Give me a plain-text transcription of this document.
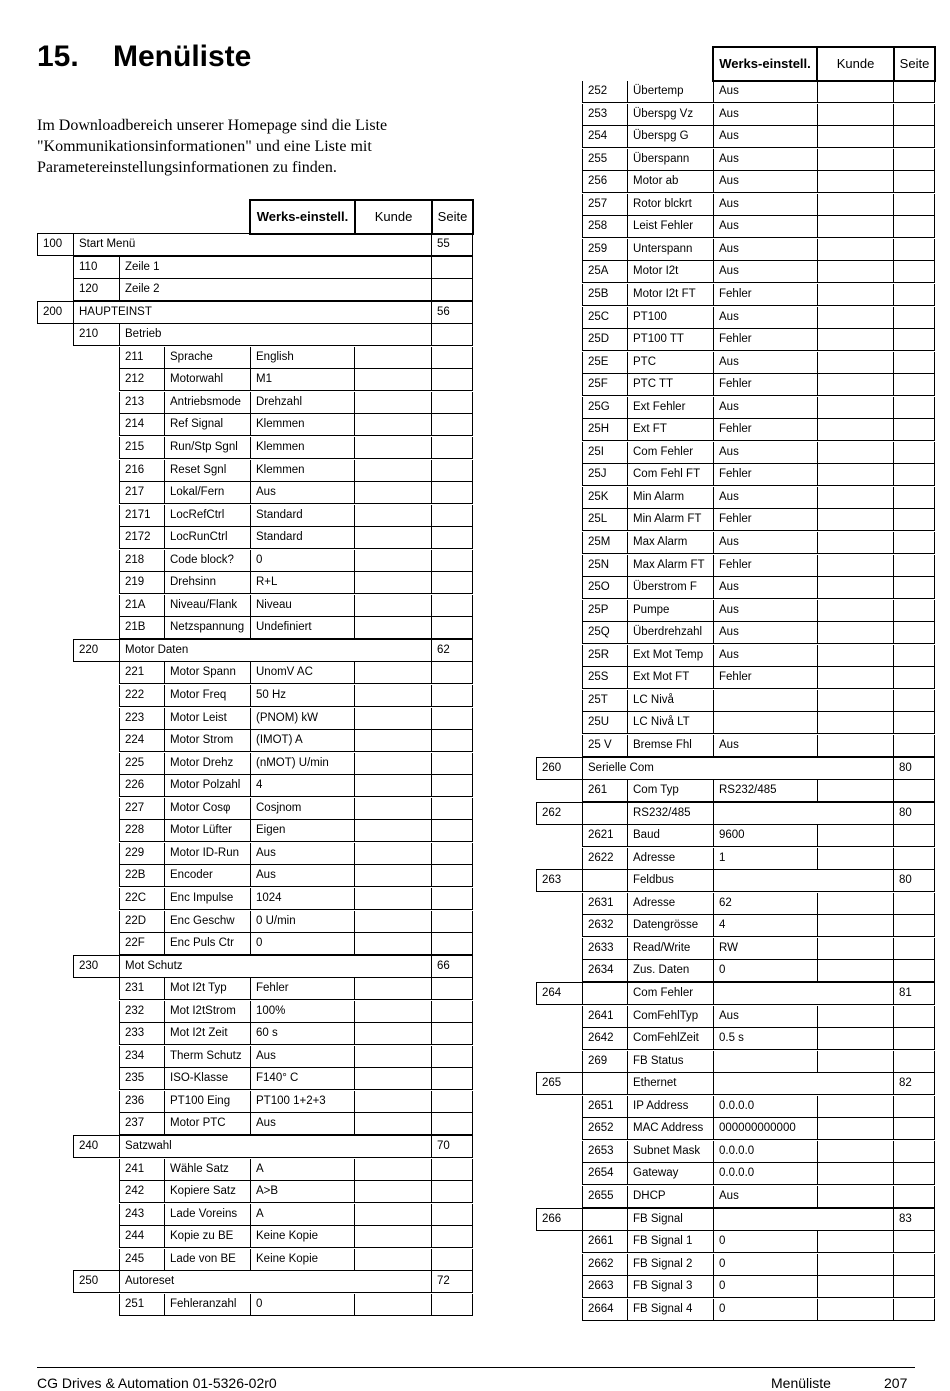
15. Menüliste
Im Downloadbereich unserer Homepage sind die Liste "Kommunikationsinformationen" und eine Liste mit Parametereinstellungsinformationen zu finden.
Werks-einstell.	Kunde	Seite
100	Start Menü	55
110	Zeile 1
120	Zeile 2
200	HAUPTEINST	56
210	Betrieb
211	Sprache	English
212	Motorwahl	M1
213	Antriebsmode	Drehzahl
214	Ref Signal	Klemmen
215	Run/Stp Sgnl	Klemmen
216	Reset Sgnl	Klemmen
217	Lokal/Fern	Aus
2171	LocRefCtrl	Standard
2172	LocRunCtrl	Standard
218	Code block?	0
219	Drehsinn	R+L
21A	Niveau/Flank	Niveau
21B	Netzspannung	Undefiniert
220	Motor Daten	62
221	Motor Spann	UnomV AC
222	Motor Freq	50 Hz
223	Motor Leist	(PNOM) kW
224	Motor Strom	(IMOT) A
225	Motor Drehz	(nMOT) U/min
226	Motor Polzahl	4
227	Motor Cosφ	Cosjnom
228	Motor Lüfter	Eigen
229	Motor ID-Run	Aus
22B	Encoder	Aus
22C	Enc Impulse	1024
22D	Enc Geschw	0 U/min
22F	Enc Puls Ctr	0
230	Mot Schutz	66
231	Mot I2t Typ	Fehler
232	Mot I2tStrom	100%
233	Mot I2t Zeit	60 s
234	Therm Schutz	Aus
235	ISO-Klasse	F140° C
236	PT100 Eing	PT100 1+2+3
237	Motor PTC	Aus
240	Satzwahl	70
241	Wähle Satz	A
242	Kopiere Satz	A>B
243	Lade Voreins	A
244	Kopie zu BE	Keine Kopie
245	Lade von BE	Keine Kopie
250	Autoreset	72
251	Fehleranzahl	0
Werks-einstell.	Kunde	Seite
252	Übertemp	Aus
253	Überspg Vz	Aus
254	Überspg G	Aus
255	Überspann	Aus
256	Motor ab	Aus
257	Rotor blckrt	Aus
258	Leist Fehler	Aus
259	Unterspann	Aus
25A	Motor I2t	Aus
25B	Motor I2t FT	Fehler
25C	PT100	Aus
25D	PT100 TT	Fehler
25E	PTC	Aus
25F	PTC TT	Fehler
25G	Ext Fehler	Aus
25H	Ext FT	Fehler
25I	Com Fehler	Aus
25J	Com Fehl FT	Fehler
25K	Min Alarm	Aus
25L	Min Alarm FT	Fehler
25M	Max Alarm	Aus
25N	Max Alarm FT	Fehler
25O	Überstrom F	Aus
25P	Pumpe	Aus
25Q	Überdrehzahl	Aus
25R	Ext Mot Temp	Aus
25S	Ext Mot FT	Fehler
25T	LC Nivå
25U	LC Nivå LT
25 V	Bremse Fhl	Aus
260	Serielle Com	80
261	Com Typ	RS232/485
262	RS232/485	80
2621	Baud	9600
2622	Adresse	1
263	Feldbus	80
2631	Adresse	62
2632	Datengrösse	4
2633	Read/Write	RW
2634	Zus. Daten	0
264	Com Fehler	81
2641	ComFehlTyp	Aus
2642	ComFehlZeit	0.5 s
269	FB Status
265	Ethernet	82
2651	IP Address	0.0.0.0
2652	MAC Address	000000000000
2653	Subnet Mask	0.0.0.0
2654	Gateway	0.0.0.0
2655	DHCP	Aus
266	FB Signal	83
2661	FB Signal 1	0
2662	FB Signal 2	0
2663	FB Signal 3	0
2664	FB Signal 4	0
CG Drives & Automation 01-5326-02r0	Menüliste	207
